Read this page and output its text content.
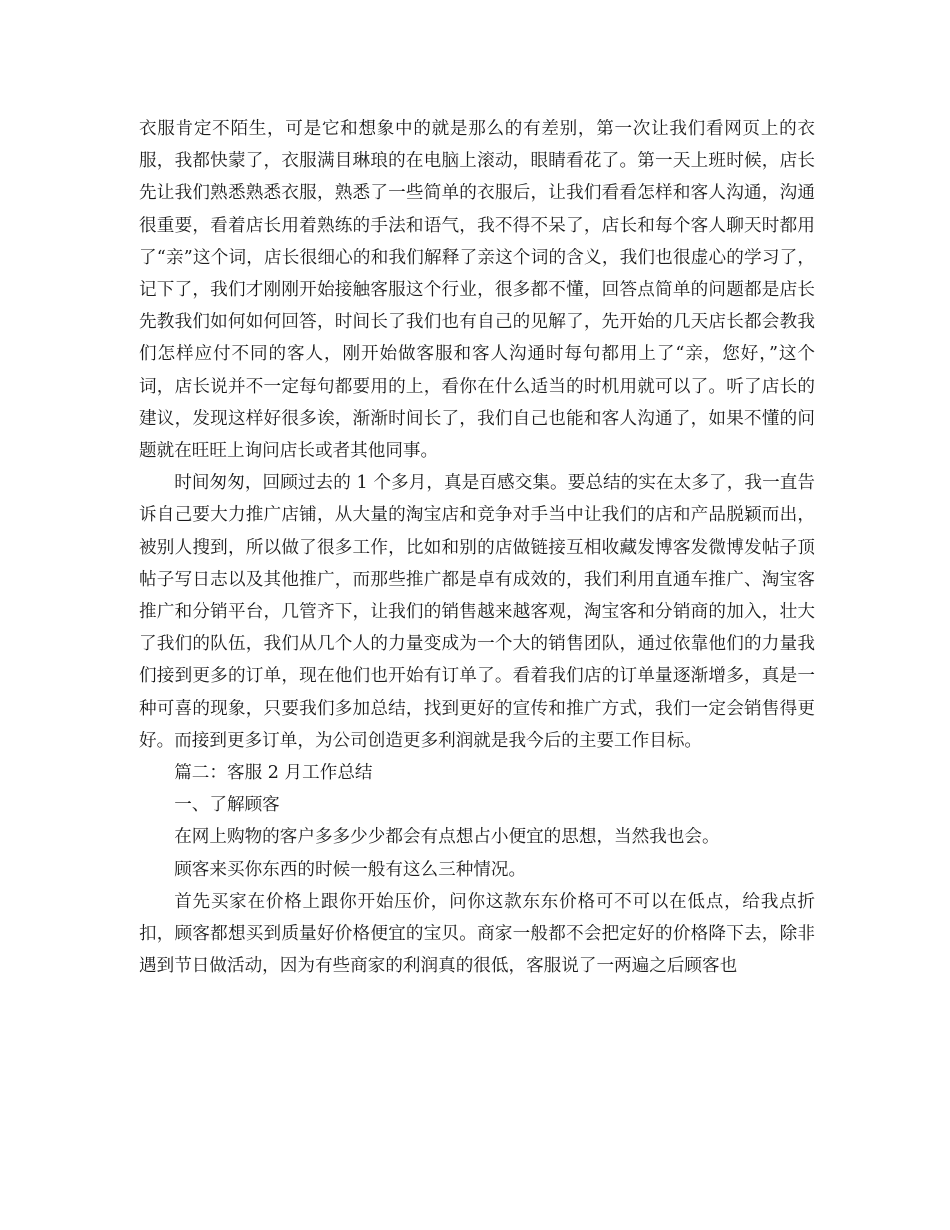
衣服肯定不陌生，可是它和想象中的就是那么的有差别，第一次让我们看网页上的衣服，我都快蒙了，衣服满目琳琅的在电脑上滚动，眼睛看花了。第一天上班时候，店长先让我们熟悉熟悉衣服，熟悉了一些简单的衣服后，让我们看看怎样和客人沟通，沟通很重要，看着店长用着熟练的手法和语气，我不得不呆了，店长和每个客人聊天时都用了“亲”这个词，店长很细心的和我们解释了亲这个词的含义，我们也很虚心的学习了，记下了，我们才刚刚开始接触客服这个行业，很多都不懂，回答点简单的问题都是店长先教我们如何如何回答，时间长了我们也有自己的见解了，先开始的几天店长都会教我们怎样应付不同的客人，刚开始做客服和客人沟通时每句都用上了“亲，您好，”这个词，店长说并不一定每句都要用的上，看你在什么适当的时机用就可以了。听了店长的建议，发现这样好很多诶，渐渐时间长了，我们自己也能和客人沟通了，如果不懂的问题就在旺旺上询问店长或者其他同事。

时间匆匆，回顾过去的 1 个多月，真是百感交集。要总结的实在太多了，我一直告诉自己要大力推广店铺，从大量的淘宝店和竞争对手当中让我们的店和产品脱颖而出，被别人搜到，所以做了很多工作，比如和别的店做链接互相收藏发博客发微博发帖子顶帖子写日志以及其他推广，而那些推广都是卓有成效的，我们利用直通车推广、淘宝客推广和分销平台，几管齐下，让我们的销售越来越客观，淘宝客和分销商的加入，壮大了我们的队伍，我们从几个人的力量变成为一个大的销售团队，通过依靠他们的力量我们接到更多的订单，现在他们也开始有订单了。看着我们店的订单量逐渐增多，真是一种可喜的现象，只要我们多加总结，找到更好的宣传和推广方式，我们一定会销售得更好。而接到更多订单，为公司创造更多利润就是我今后的主要工作目标。

篇二：客服 2 月工作总结

一、了解顾客

在网上购物的客户多多少少都会有点想占小便宜的思想，当然我也会。

顾客来买你东西的时候一般有这么三种情况。

首先买家在价格上跟你开始压价，问你这款东东价格可不可以在低点，给我点折扣，顾客都想买到质量好价格便宜的宝贝。商家一般都不会把定好的价格降下去，除非遇到节日做活动，因为有些商家的利润真的很低，客服说了一两遍之后顾客也
